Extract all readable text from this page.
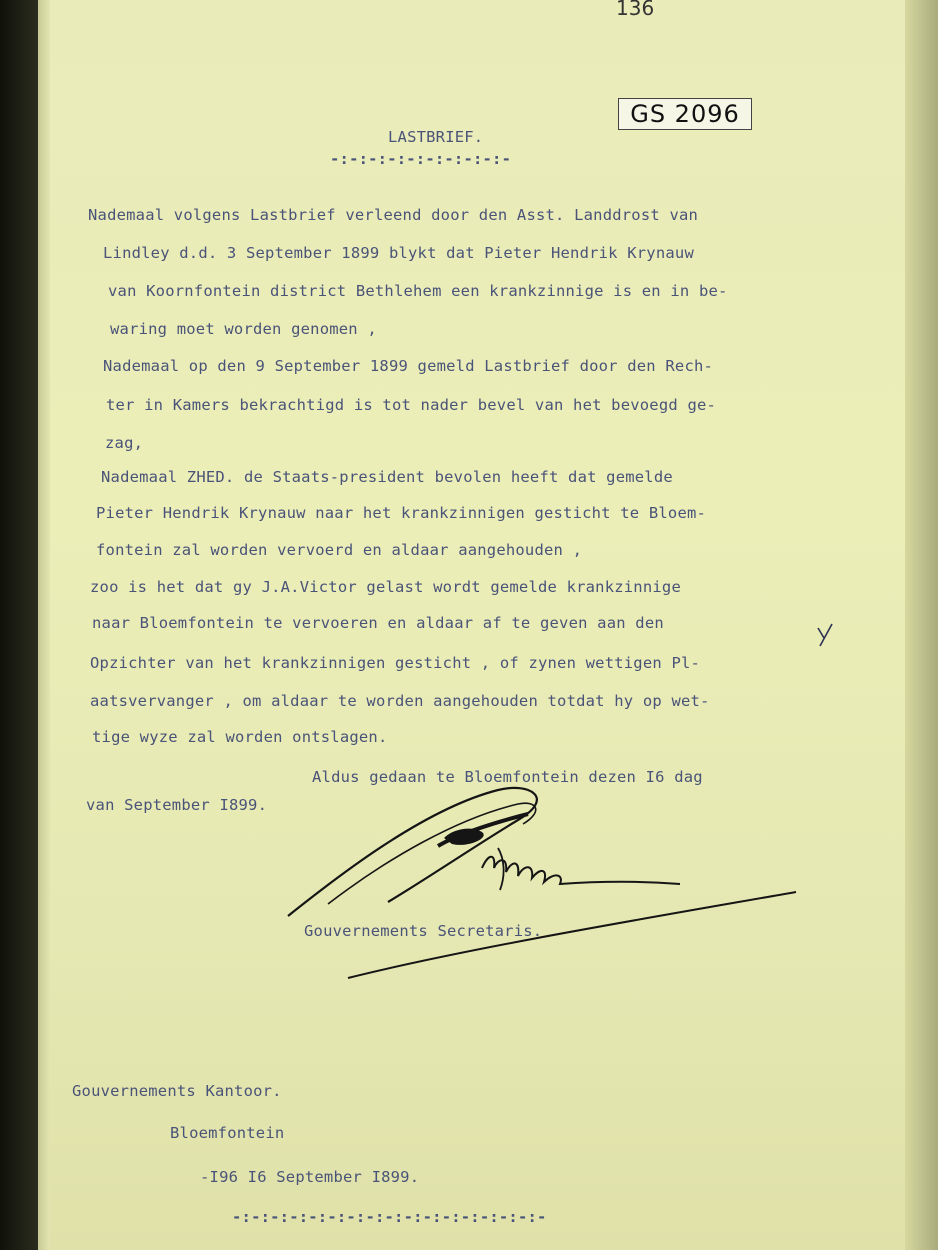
136
GS 2096

LASTBRIEF.

-:-:-:-:-:-:-:-:-:-

Nademaal volgens Lastbrief verleend door den Asst. Landdrost van

Lindley d.d. 3 September 1899 blykt dat Pieter Hendrik Krynauw

van Koornfontein district Bethlehem een krankzinnige is en in be-

waring moet worden genomen ,

Nademaal op den 9 September 1899 gemeld Lastbrief door den Rech-

ter in Kamers bekrachtigd is tot nader bevel van het bevoegd ge-

zag,

Nademaal ZHED. de Staats-president bevolen heeft dat gemelde

Pieter Hendrik Krynauw naar het krankzinnigen gesticht te Bloem-

fontein zal worden vervoerd en aldaar aangehouden ,

zoo is het dat gy J.A.Victor gelast wordt gemelde krankzinnige

naar Bloemfontein te vervoeren en aldaar af te geven aan den

Opzichter van het krankzinnigen gesticht , of zynen wettigen Pl-

aatsvervanger , om aldaar te worden aangehouden totdat hy op wet-

tige wyze zal worden ontslagen.

Aldus gedaan te Bloemfontein dezen I6 dag

van September I899.

Gouvernements Secretaris.

Gouvernements Kantoor.

Bloemfontein

-I96 I6 September I899.

-:-:-:-:-:-:-:-:-:-:-:-:-:-:-:-:-
